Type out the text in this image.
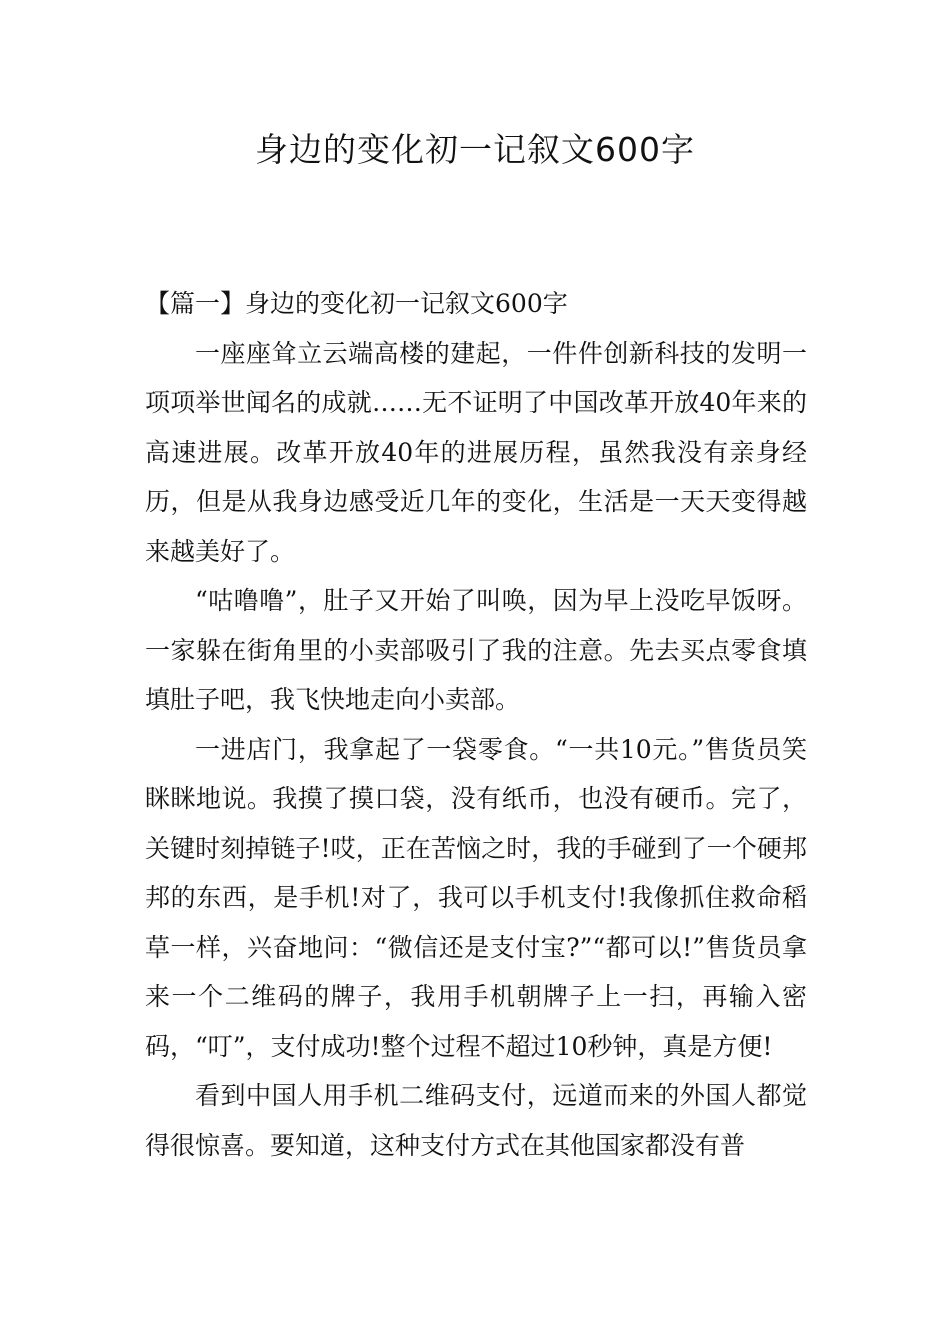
身边的变化初一记叙文600字

【篇一】身边的变化初一记叙文600字

一座座耸立云端高楼的建起，一件件创新科技的发明一项项举世闻名的成就……无不证明了中国改革开放40年来的高速进展。改革开放40年的进展历程，虽然我没有亲身经历，但是从我身边感受近几年的变化，生活是一天天变得越来越美好了。

“咕噜噜”，肚子又开始了叫唤，因为早上没吃早饭呀。一家躲在街角里的小卖部吸引了我的注意。先去买点零食填填肚子吧，我飞快地走向小卖部。

一进店门，我拿起了一袋零食。“一共10元。”售货员笑眯眯地说。我摸了摸口袋，没有纸币，也没有硬币。完了，关键时刻掉链子!哎，正在苦恼之时，我的手碰到了一个硬邦邦的东西，是手机!对了，我可以手机支付!我像抓住救命稻草一样，兴奋地问：“微信还是支付宝?”“都可以!”售货员拿来一个二维码的牌子，我用手机朝牌子上一扫，再输入密码，“叮”，支付成功!整个过程不超过10秒钟，真是方便!

看到中国人用手机二维码支付，远道而来的外国人都觉得很惊喜。要知道，这种支付方式在其他国家都没有普
